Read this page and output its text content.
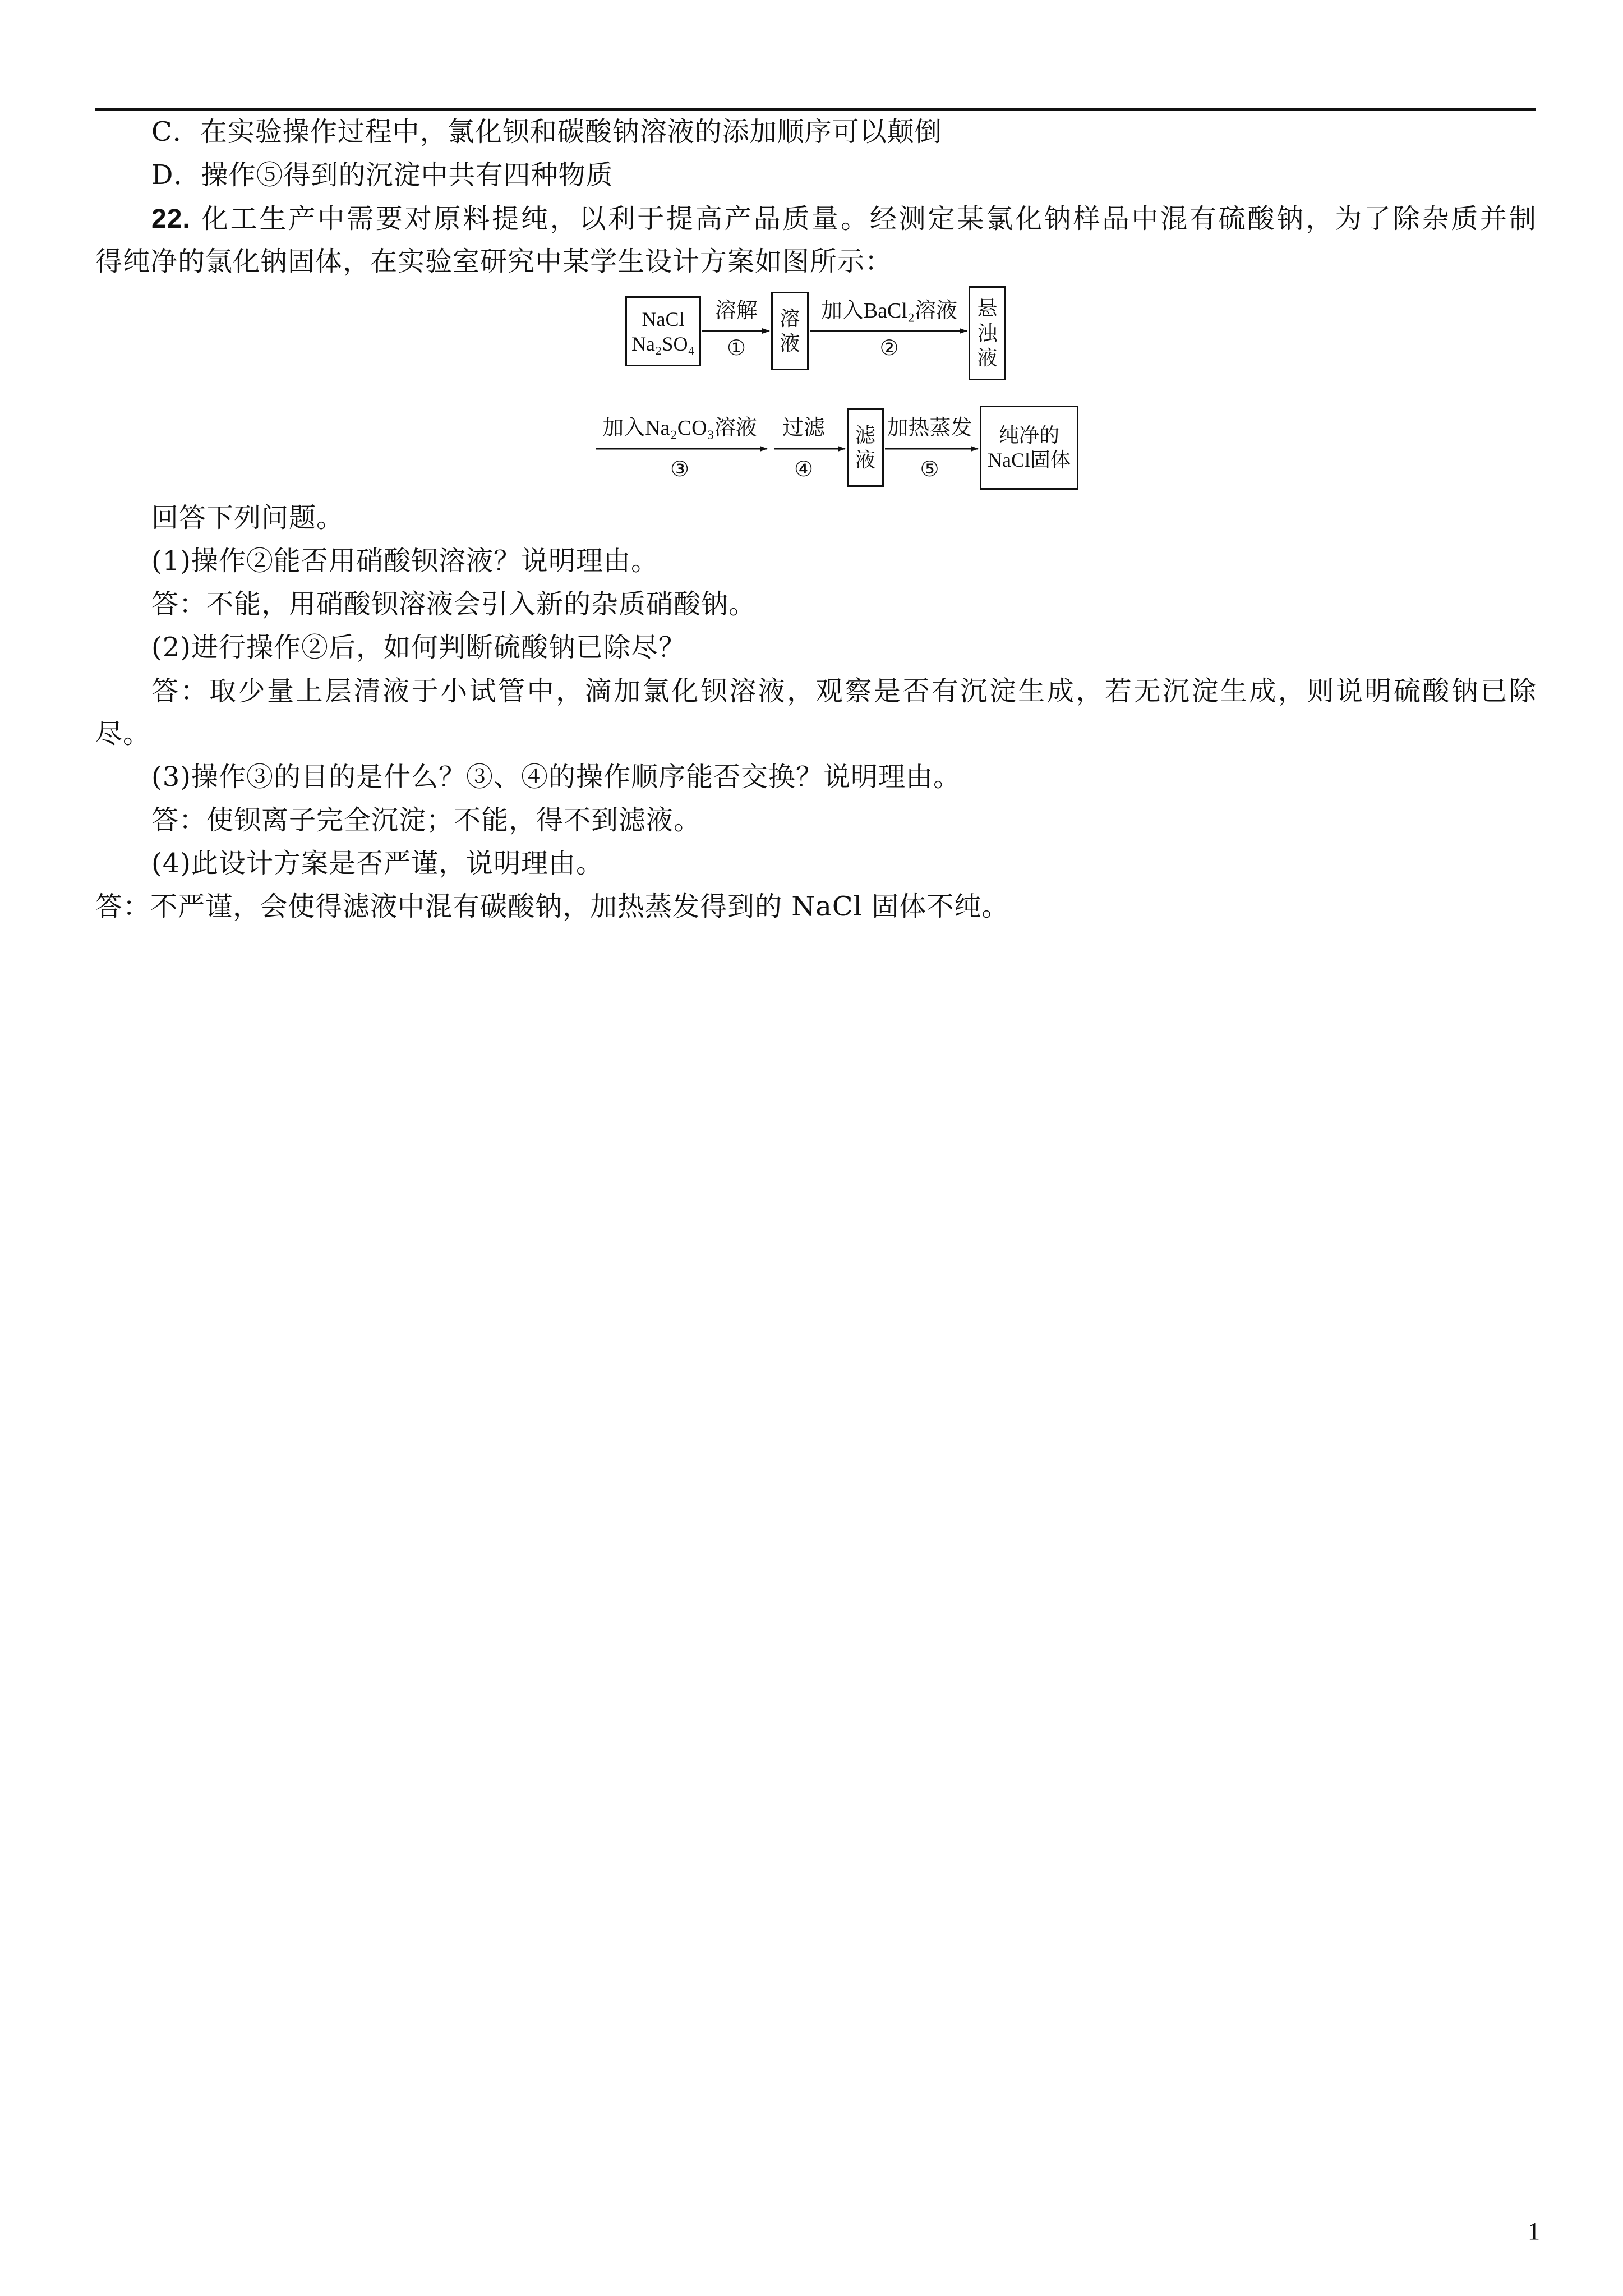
C．在实验操作过程中，氯化钡和碳酸钠溶液的添加顺序可以颠倒
D．操作⑤得到的沉淀中共有四种物质
22. 化工生产中需要对原料提纯，以利于提高产品质量。经测定某氯化钠样品中混有硫酸钠，为了除杂质并制
得纯净的氯化钠固体，在实验室研究中某学生设计方案如图所示：
NaCl
Na₂SO₄
溶解
①
溶
液
加入BaCl₂溶液
②
悬
浊
液
加入Na₂CO₃溶液
③
过滤
④
滤
液
加热蒸发
⑤
纯净的
NaCl固体
回答下列问题。
(1)操作②能否用硝酸钡溶液？说明理由。
答：不能，用硝酸钡溶液会引入新的杂质硝酸钠。
(2)进行操作②后，如何判断硫酸钠已除尽？
答：取少量上层清液于小试管中，滴加氯化钡溶液，观察是否有沉淀生成，若无沉淀生成，则说明硫酸钠已除
尽。
(3)操作③的目的是什么？③、④的操作顺序能否交换？说明理由。
答：使钡离子完全沉淀；不能，得不到滤液。
(4)此设计方案是否严谨，说明理由。
答：不严谨，会使得滤液中混有碳酸钠，加热蒸发得到的 NaCl 固体不纯。
1
